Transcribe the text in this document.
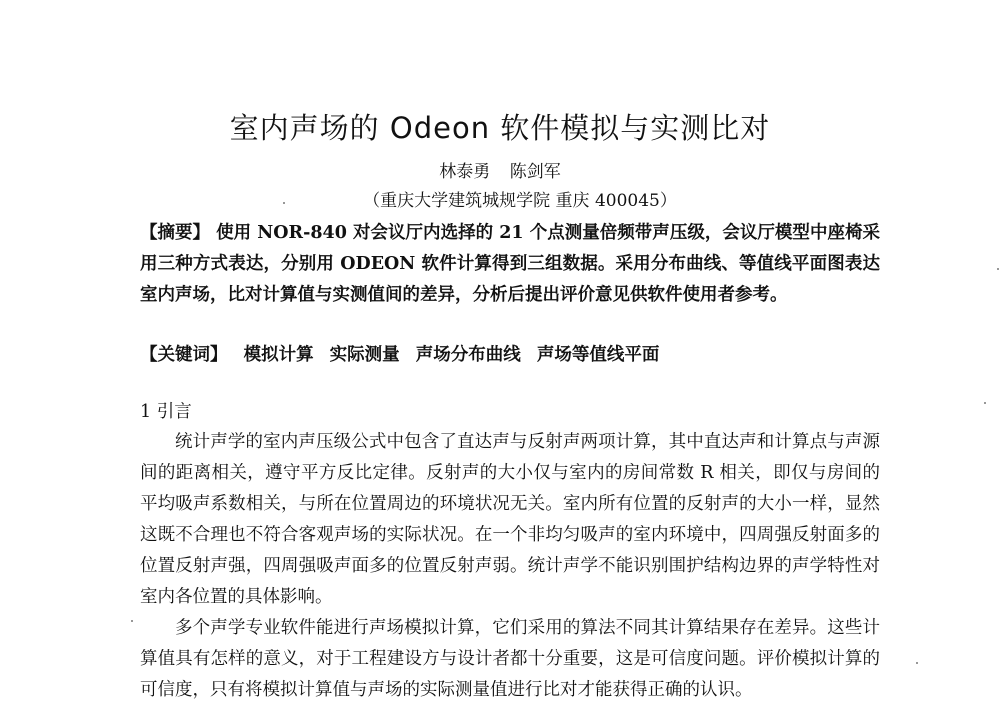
室内声场的 Odeon 软件模拟与实测比对
林泰勇 陈剑军
（重庆大学建筑城规学院 重庆 400045）
【摘要】 使用 NOR-840 对会议厅内选择的 21 个点测量倍频带声压级，会议厅模型中座椅采用三种方式表达，分别用 ODEON 软件计算得到三组数据。采用分布曲线、等值线平面图表达室内声场，比对计算值与实测值间的差异，分析后提出评价意见供软件使用者参考。
【关键词】 模拟计算 实际测量 声场分布曲线 声场等值线平面
1 引言

统计声学的室内声压级公式中包含了直达声与反射声两项计算，其中直达声和计算点与声源间的距离相关，遵守平方反比定律。反射声的大小仅与室内的房间常数 R 相关，即仅与房间的平均吸声系数相关，与所在位置周边的环境状况无关。室内所有位置的反射声的大小一样，显然这既不合理也不符合客观声场的实际状况。在一个非均匀吸声的室内环境中，四周强反射面多的位置反射声强，四周强吸声面多的位置反射声弱。统计声学不能识别围护结构边界的声学特性对室内各位置的具体影响。

多个声学专业软件能进行声场模拟计算，它们采用的算法不同其计算结果存在差异。这些计算值具有怎样的意义，对于工程建设方与设计者都十分重要，这是可信度问题。评价模拟计算的可信度，只有将模拟计算值与声场的实际测量值进行比对才能获得正确的认识。
